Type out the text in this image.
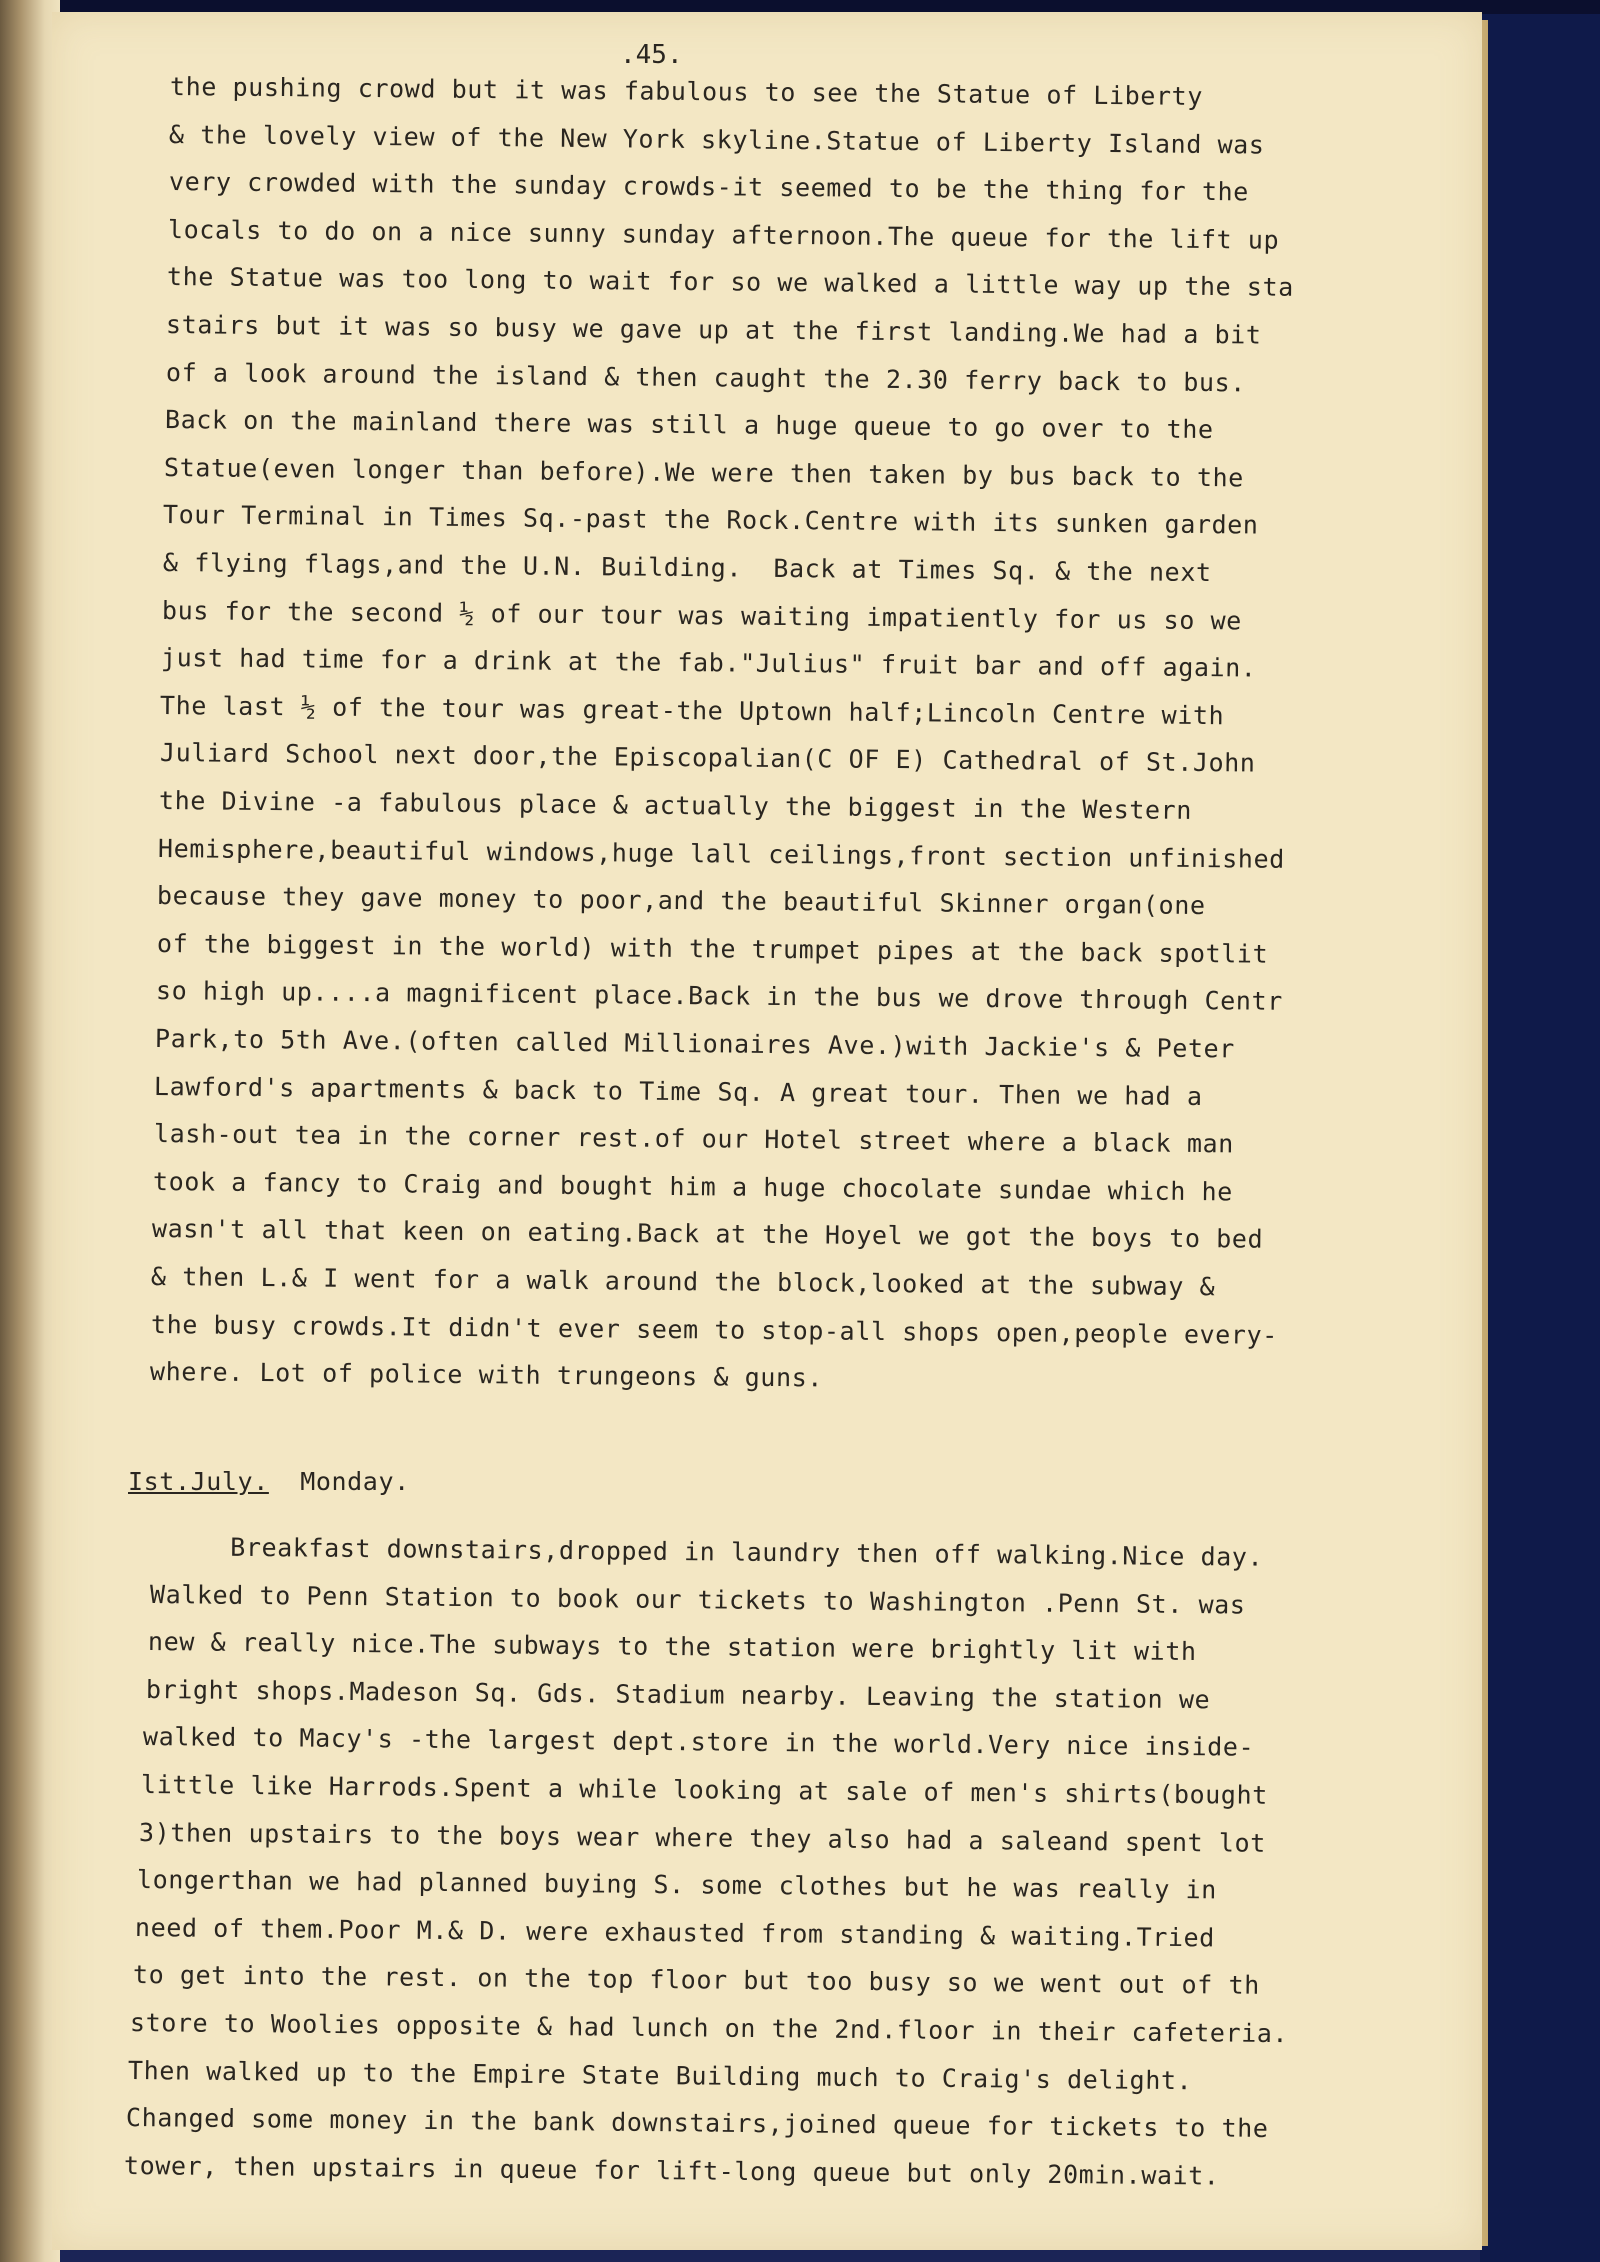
.45.
the pushing crowd but it was fabulous to see the Statue of Liberty
& the lovely view of the New York skyline.Statue of Liberty Island was
very crowded with the sunday crowds-it seemed to be the thing for the
locals to do on a nice sunny sunday afternoon.The queue for the lift up
the Statue was too long to wait for so we walked a little way up the sta
stairs but it was so busy we gave up at the first landing.We had a bit
of a look around the island & then caught the 2.30 ferry back to bus.
Back on the mainland there was still a huge queue to go over to the
Statue(even longer than before).We were then taken by bus back to the
Tour Terminal in Times Sq.-past the Rock.Centre with its sunken garden
& flying flags,and the U.N. Building.  Back at Times Sq. & the next
bus for the second ½ of our tour was waiting impatiently for us so we
just had time for a drink at the fab."Julius" fruit bar and off again.
The last ½ of the tour was great-the Uptown half;Lincoln Centre with
Juliard School next door,the Episcopalian(C OF E) Cathedral of St.John
the Divine -a fabulous place & actually the biggest in the Western
Hemisphere,beautiful windows,huge lall ceilings,front section unfinished
because they gave money to poor,and the beautiful Skinner organ(one
of the biggest in the world) with the trumpet pipes at the back spotlit
so high up....a magnificent place.Back in the bus we drove through Centr
Park,to 5th Ave.(often called Millionaires Ave.)with Jackie's & Peter
Lawford's apartments & back to Time Sq. A great tour. Then we had a
lash-out tea in the corner rest.of our Hotel street where a black man
took a fancy to Craig and bought him a huge chocolate sundae which he
wasn't all that keen on eating.Back at the Hoyel we got the boys to bed
& then L.& I went for a walk around the block,looked at the subway &
the busy crowds.It didn't ever seem to stop-all shops open,people every-
where. Lot of police with trungeons & guns.
Ist.July. Monday.
Breakfast downstairs,dropped in laundry then off walking.Nice day.
Walked to Penn Station to book our tickets to Washington .Penn St. was
new & really nice.The subways to the station were brightly lit with
bright shops.Madeson Sq. Gds. Stadium nearby. Leaving the station we
walked to Macy's -the largest dept.store in the world.Very nice inside-
little like Harrods.Spent a while looking at sale of men's shirts(bought
3)then upstairs to the boys wear where they also had a saleand spent lot
longerthan we had planned buying S. some clothes but he was really in
need of them.Poor M.& D. were exhausted from standing & waiting.Tried
to get into the rest. on the top floor but too busy so we went out of th
store to Woolies opposite & had lunch on the 2nd.floor in their cafeteria.
Then walked up to the Empire State Building much to Craig's delight.
Changed some money in the bank downstairs,joined queue for tickets to the
tower, then upstairs in queue for lift-long queue but only 20min.wait.
